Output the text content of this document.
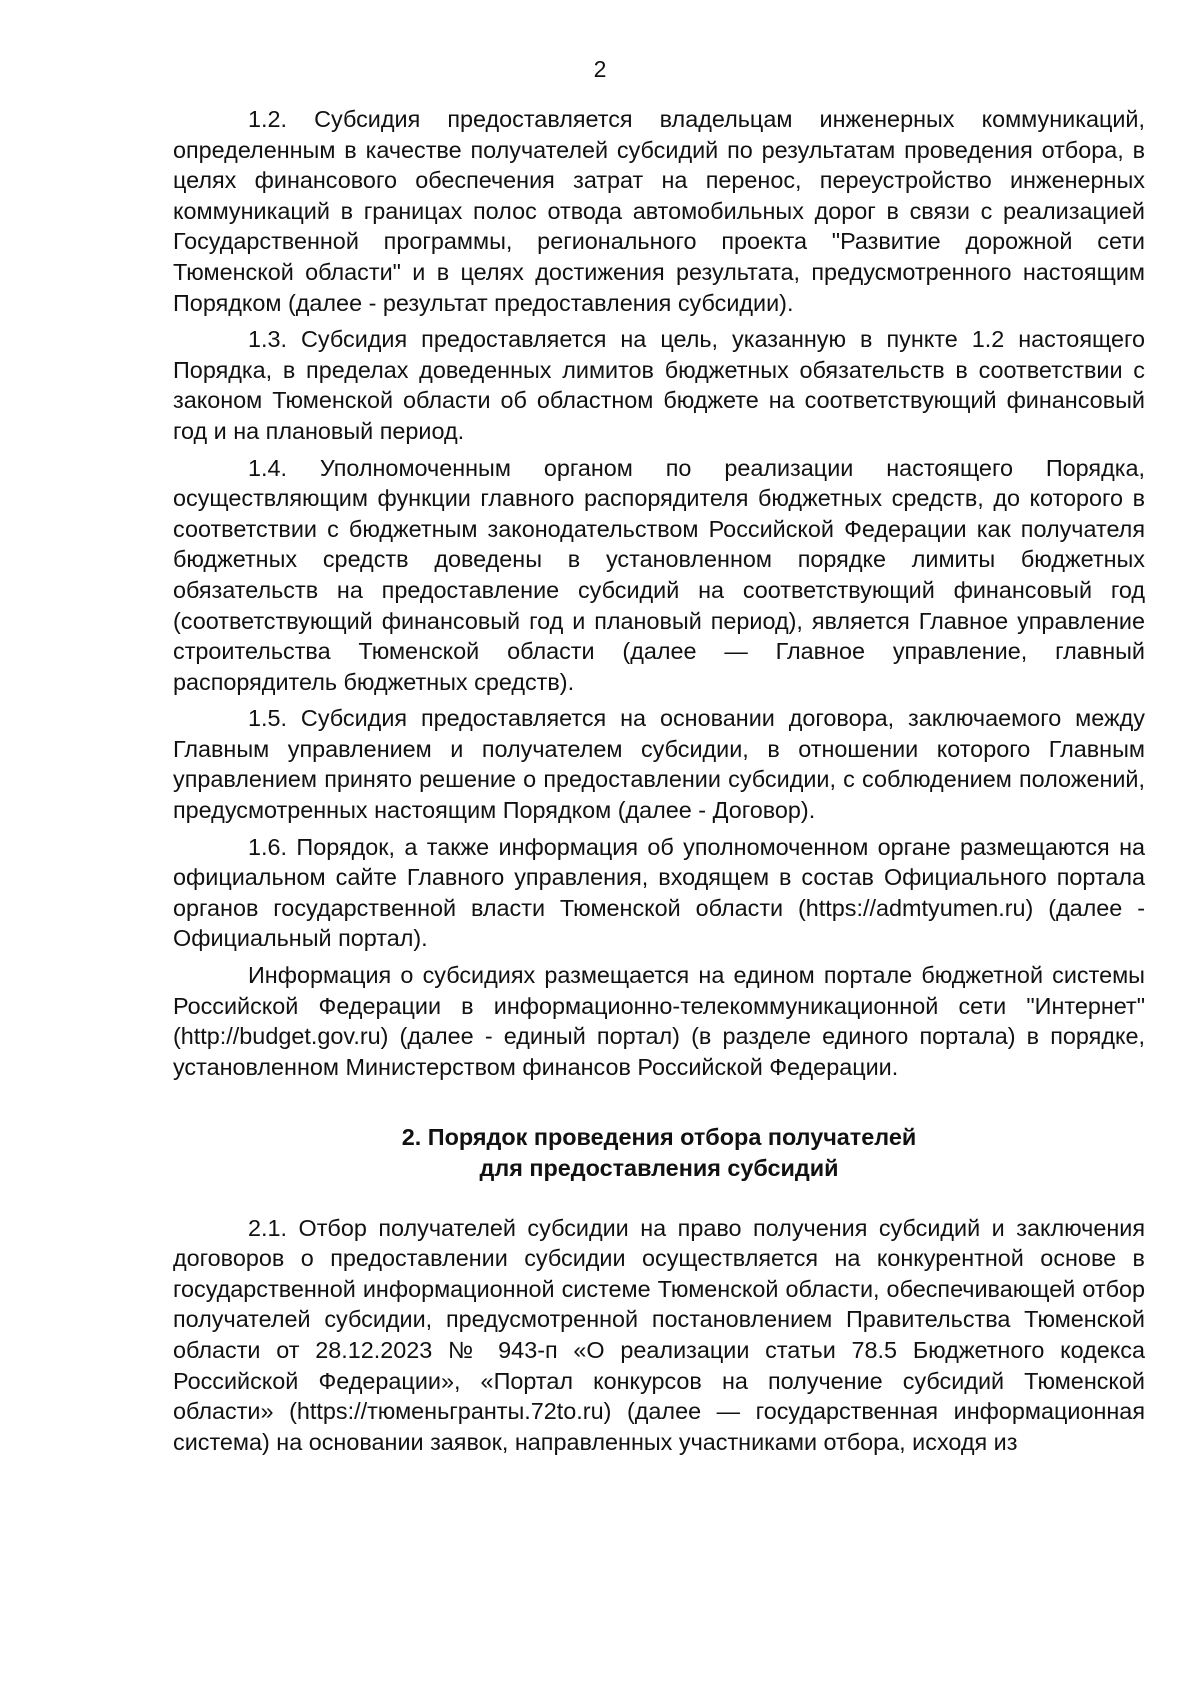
2

1.2. Субсидия предоставляется владельцам инженерных коммуникаций, определенным в качестве получателей субсидий по результатам проведения отбора, в целях финансового обеспечения затрат на перенос, переустройство инженерных коммуникаций в границах полос отвода автомобильных дорог в связи с реализацией Государственной программы, регионального проекта "Развитие дорожной сети Тюменской области" и в целях достижения результата, предусмотренного настоящим Порядком (далее - результат предоставления субсидии).

1.3. Субсидия предоставляется на цель, указанную в пункте 1.2 настоящего Порядка, в пределах доведенных лимитов бюджетных обязательств в соответствии с законом Тюменской области об областном бюджете на соответствующий финансовый год и на плановый период.

1.4. Уполномоченным органом по реализации настоящего Порядка, осуществляющим функции главного распорядителя бюджетных средств, до которого в соответствии с бюджетным законодательством Российской Федерации как получателя бюджетных средств доведены в установленном порядке лимиты бюджетных обязательств на предоставление субсидий на соответствующий финансовый год (соответствующий финансовый год и плановый период), является Главное управление строительства Тюменской области (далее — Главное управление, главный распорядитель бюджетных средств).

1.5. Субсидия предоставляется на основании договора, заключаемого между Главным управлением и получателем субсидии, в отношении которого Главным управлением принято решение о предоставлении субсидии, с соблюдением положений, предусмотренных настоящим Порядком (далее - Договор).

1.6. Порядок, а также информация об уполномоченном органе размещаются на официальном сайте Главного управления, входящем в состав Официального портала органов государственной власти Тюменской области (https://admtyumen.ru) (далее - Официальный портал).

Информация о субсидиях размещается на едином портале бюджетной системы Российской Федерации в информационно-телекоммуникационной сети "Интернет" (http://budget.gov.ru) (далее - единый портал) (в разделе единого портала) в порядке, установленном Министерством финансов Российской Федерации.

2. Порядок проведения отбора получателей
для предоставления субсидий

2.1. Отбор получателей субсидии на право получения субсидий и заключения договоров о предоставлении субсидии осуществляется на конкурентной основе в государственной информационной системе Тюменской области, обеспечивающей отбор получателей субсидии, предусмотренной постановлением Правительства Тюменской области от 28.12.2023 № 943-п «О реализации статьи 78.5 Бюджетного кодекса Российской Федерации», «Портал конкурсов на получение субсидий Тюменской области» (https://тюменьгранты.72to.ru) (далее — государственная информационная система) на основании заявок, направленных участниками отбора, исходя из
